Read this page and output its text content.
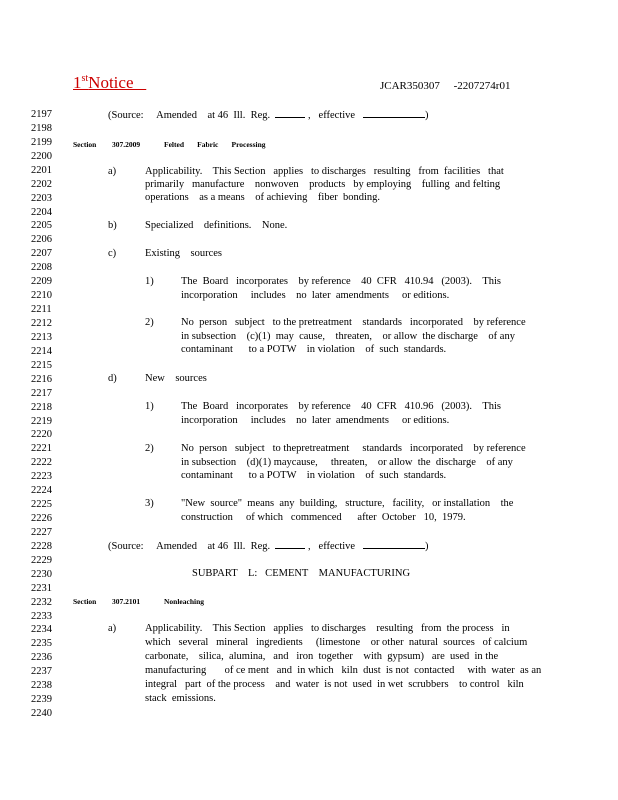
1stNotice	JCAR350307     -2207274r01
2197
2198
2199
2200
2201
2202
2203
2204
2205
2206
2207
2208
2209
2210
2211
2212
2213
2214
2215
2216
2217
2218
2219
2220
2221
2222
2223
2224
2225
2226
2227
2228
2229
2230
2231
2232
2233
2234
2235
2236
2237
2238
2239
2240
(Source: Amended    at 46  Ill.  Reg.	,   effective	)
Section 307.2009	Felted       Fabric       Processing
a)	Applicability.    This Section   applies   to discharges   resulting   from  facilities   that
primarily   manufacture    nonwoven    products   by employing    fulling  and felting
operations    as a means    of achieving    fiber  bonding.
b)	Specialized    definitions.    None.
c)	Existing    sources
1)	The  Board   incorporates    by reference    40  CFR   410.94   (2003).    This
incorporation     includes    no  later  amendments     or editions.
2)	No  person   subject   to the pretreatment    standards   incorporated    by reference
in subsection    (c)(1)  may  cause,    threaten,    or allow  the discharge    of any
contaminant      to a POTW    in violation    of  such  standards.
d)	New    sources
1)	The  Board   incorporates    by reference    40  CFR   410.96   (2003).    This
incorporation     includes    no  later  amendments     or editions.
2)	No  person   subject   to thepretreatment     standards   incorporated    by reference
in subsection    (d)(1) maycause,     threaten,    or allow  the  discharge    of any
contaminant      to a POTW    in violation    of  such  standards.
3)	"New  source"  means  any  building,   structure,   facility,   or installation    the
construction     of which   commenced      after  October   10,  1979.
(Source: Amended    at 46  Ill.  Reg.	,   effective	)
SUBPART    L:   CEMENT    MANUFACTURING
Section 307.2101	Nonleaching
a)	Applicability.    This Section   applies   to discharges    resulting   from  the process   in
which   several   mineral   ingredients     (limestone    or other  natural  sources   of calcium
carbonate,    silica,  alumina,   and   iron  together    with  gypsum)   are  used  in the
manufacturing       of ce ment   and  in which   kiln  dust  is not  contacted     with  water  as an
integral   part  of the process    and  water  is not  used  in wet  scrubbers    to control   kiln
stack  emissions.
